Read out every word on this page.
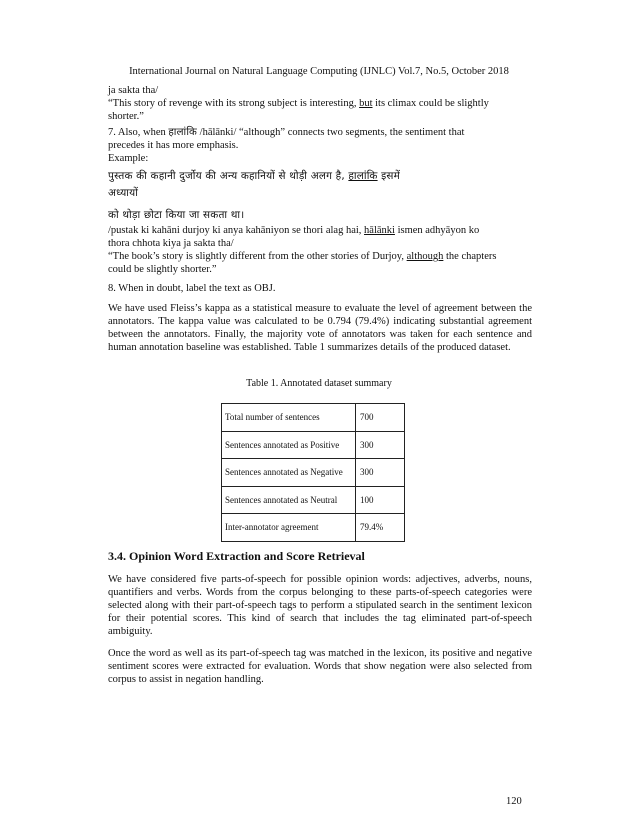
International Journal on Natural Language Computing (IJNLC) Vol.7, No.5, October 2018
ja sakta tha/
“This story of revenge with its strong subject is interesting, but its climax could be slightly
shorter.”
7. Also, when हालांकि /hālānki/ “although” connects two segments, the sentiment that
precedes it has more emphasis.
Example:
पुस्तक की कहानी दुर्जोय की अन्य कहानियों से थोड़ी अलग है, हालांकि इसमें
अध्यायों
को थोड़ा छोटा किया जा सकता था।
/pustak ki kahāni durjoy ki anya kahāniyon se thori alag hai, hālānki ismen adhyāyon ko
thora chhota kiya ja sakta tha/
“The book’s story is slightly different from the other stories of Durjoy, although the chapters
could be slightly shorter.”
8. When in doubt, label the text as OBJ.

We have used Fleiss’s kappa as a statistical measure to evaluate the level of agreement between the annotators. The kappa value was calculated to be 0.794 (79.4%) indicating substantial agreement between the annotators. Finally, the majority vote of annotators was taken for each sentence and human annotation baseline was established. Table 1 summarizes details of the produced dataset.

Table 1. Annotated dataset summary
Total number of sentences	700
Sentences annotated as Positive	300
Sentences annotated as Negative	300
Sentences annotated as Neutral	100
Inter-annotator agreement	79.4%
3.4. Opinion Word Extraction and Score Retrieval

We have considered five parts-of-speech for possible opinion words: adjectives, adverbs, nouns, quantifiers and verbs. Words from the corpus belonging to these parts-of-speech categories were selected along with their part-of-speech tags to perform a stipulated search in the sentiment lexicon for their potential scores. This kind of search that includes the tag eliminated part-of-speech ambiguity.

Once the word as well as its part-of-speech tag was matched in the lexicon, its positive and negative sentiment scores were extracted for evaluation. Words that show negation were also selected from corpus to assist in negation handling.

120
